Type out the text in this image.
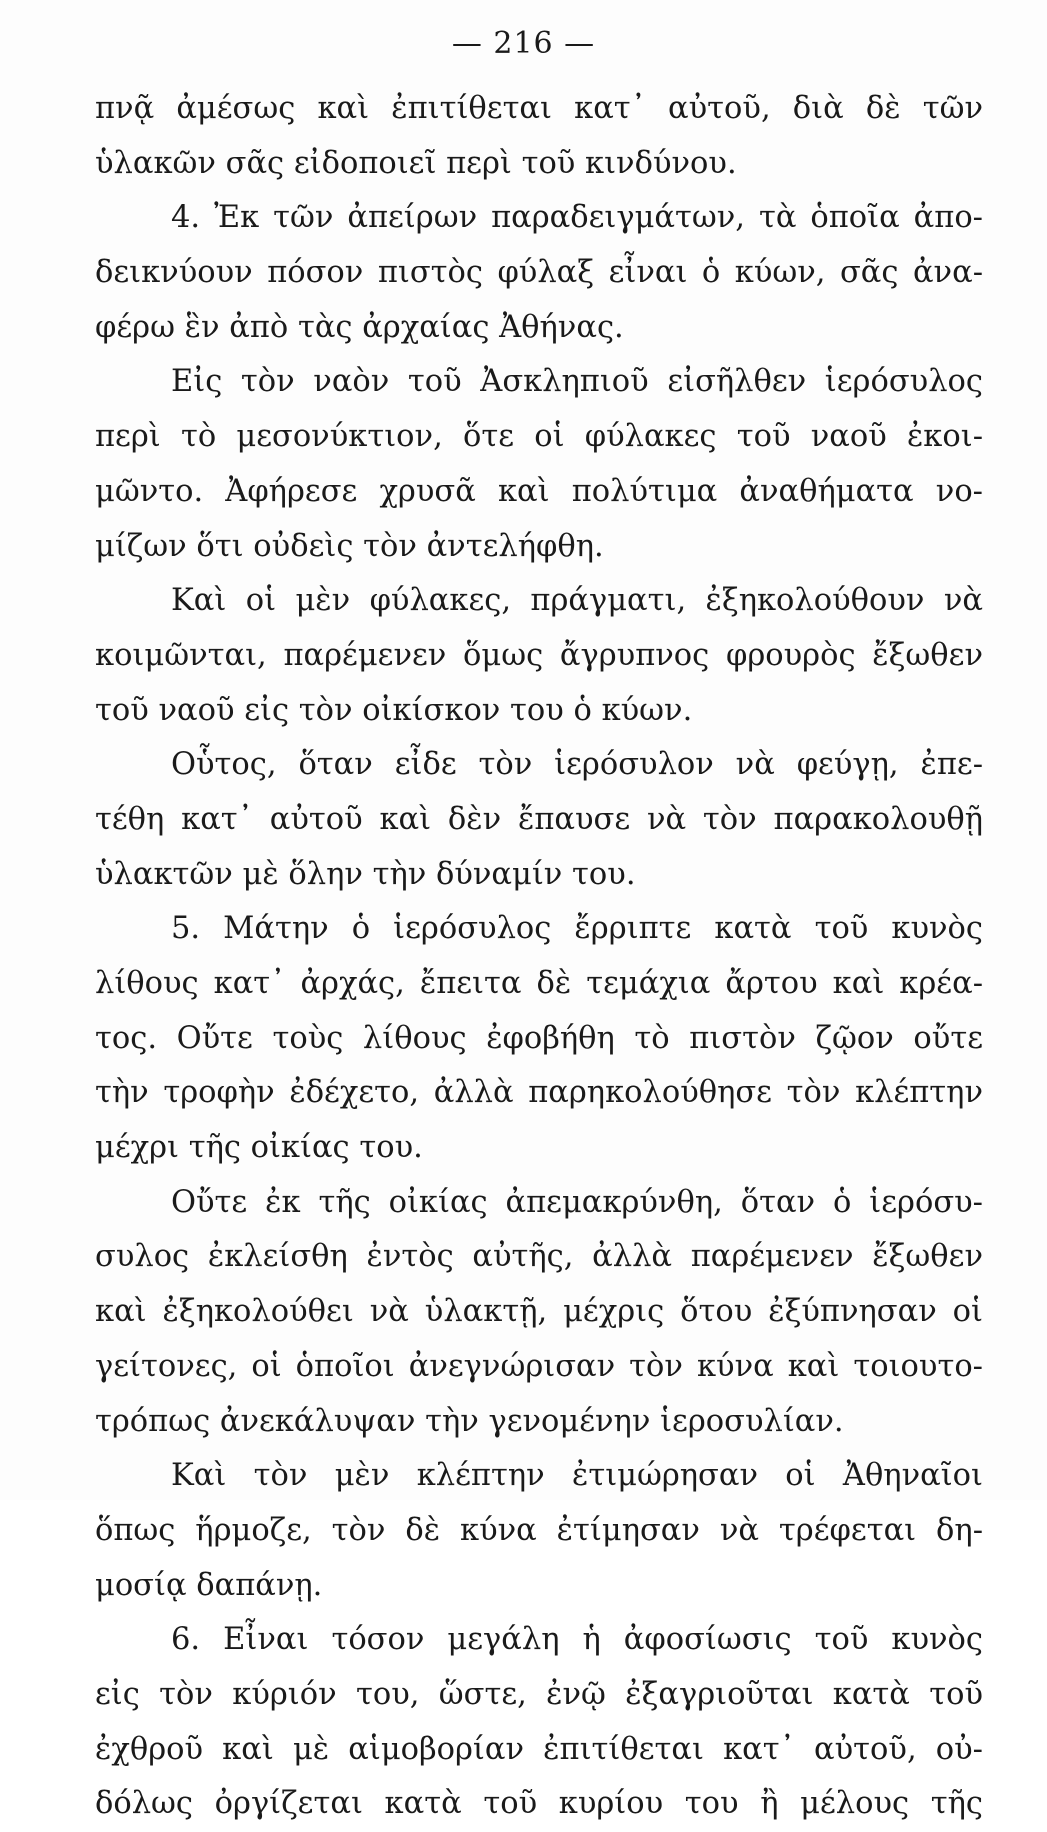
— 216 —
πνᾷ ἀμέσως καὶ ἐπιτίθεται κατ᾿ αὐτοῦ, διὰ δὲ τῶν
ὑλακῶν σᾶς εἰδοποιεῖ περὶ τοῦ κινδύνου.
4. Ἐκ τῶν ἀπείρων παραδειγμάτων, τὰ ὁποῖα ἀπο-
δεικνύουν πόσον πιστὸς φύλαξ εἶναι ὁ κύων, σᾶς ἀνα-
φέρω ἓν ἀπὸ τὰς ἀρχαίας Ἀθήνας.
Εἰς τὸν ναὸν τοῦ Ἀσκληπιοῦ εἰσῆλθεν ἱερόσυλος
περὶ τὸ μεσονύκτιον, ὅτε οἱ φύλακες τοῦ ναοῦ ἐκοι-
μῶντο. Ἀφήρεσε χρυσᾶ καὶ πολύτιμα ἀναθήματα νο-
μίζων ὅτι οὐδεὶς τὸν ἀντελήφθη.
Καὶ οἱ μὲν φύλακες, πράγματι, ἐξηκολούθουν νὰ
κοιμῶνται, παρέμενεν ὅμως ἄγρυπνος φρουρὸς ἔξωθεν
τοῦ ναοῦ εἰς τὸν οἰκίσκον του ὁ κύων.
Οὗτος, ὅταν εἶδε τὸν ἱερόσυλον νὰ φεύγῃ, ἐπε-
τέθη κατ᾿ αὐτοῦ καὶ δὲν ἔπαυσε νὰ τὸν παρακολουθῇ
ὑλακτῶν μὲ ὅλην τὴν δύναμίν του.
5. Μάτην ὁ ἱερόσυλος ἔρριπτε κατὰ τοῦ κυνὸς
λίθους κατ᾿ ἀρχάς, ἔπειτα δὲ τεμάχια ἄρτου καὶ κρέα-
τος. Οὔτε τοὺς λίθους ἐφοβήθη τὸ πιστὸν ζῷον οὔτε
τὴν τροφὴν ἐδέχετο, ἀλλὰ παρηκολούθησε τὸν κλέπτην
μέχρι τῆς οἰκίας του.
Οὔτε ἐκ τῆς οἰκίας ἀπεμακρύνθη, ὅταν ὁ ἱερόσυ-
συλος ἐκλείσθη ἐντὸς αὐτῆς, ἀλλὰ παρέμενεν ἔξωθεν
καὶ ἐξηκολούθει νὰ ὑλακτῇ, μέχρις ὅτου ἐξύπνησαν οἱ
γείτονες, οἱ ὁποῖοι ἀνεγνώρισαν τὸν κύνα καὶ τοιουτο-
τρόπως ἀνεκάλυψαν τὴν γενομένην ἱεροσυλίαν.
Καὶ τὸν μὲν κλέπτην ἐτιμώρησαν οἱ Ἀθηναῖοι
ὅπως ἥρμοζε, τὸν δὲ κύνα ἐτίμησαν νὰ τρέφεται δη-
μοσίᾳ δαπάνῃ.
6. Εἶναι τόσον μεγάλη ἡ ἀφοσίωσις τοῦ κυνὸς
εἰς τὸν κύριόν του, ὥστε, ἐνῷ ἐξαγριοῦται κατὰ τοῦ
ἐχθροῦ καὶ μὲ αἱμοβορίαν ἐπιτίθεται κατ᾿ αὐτοῦ, οὐ-
δόλως ὀργίζεται κατὰ τοῦ κυρίου του ἢ μέλους τῆς
